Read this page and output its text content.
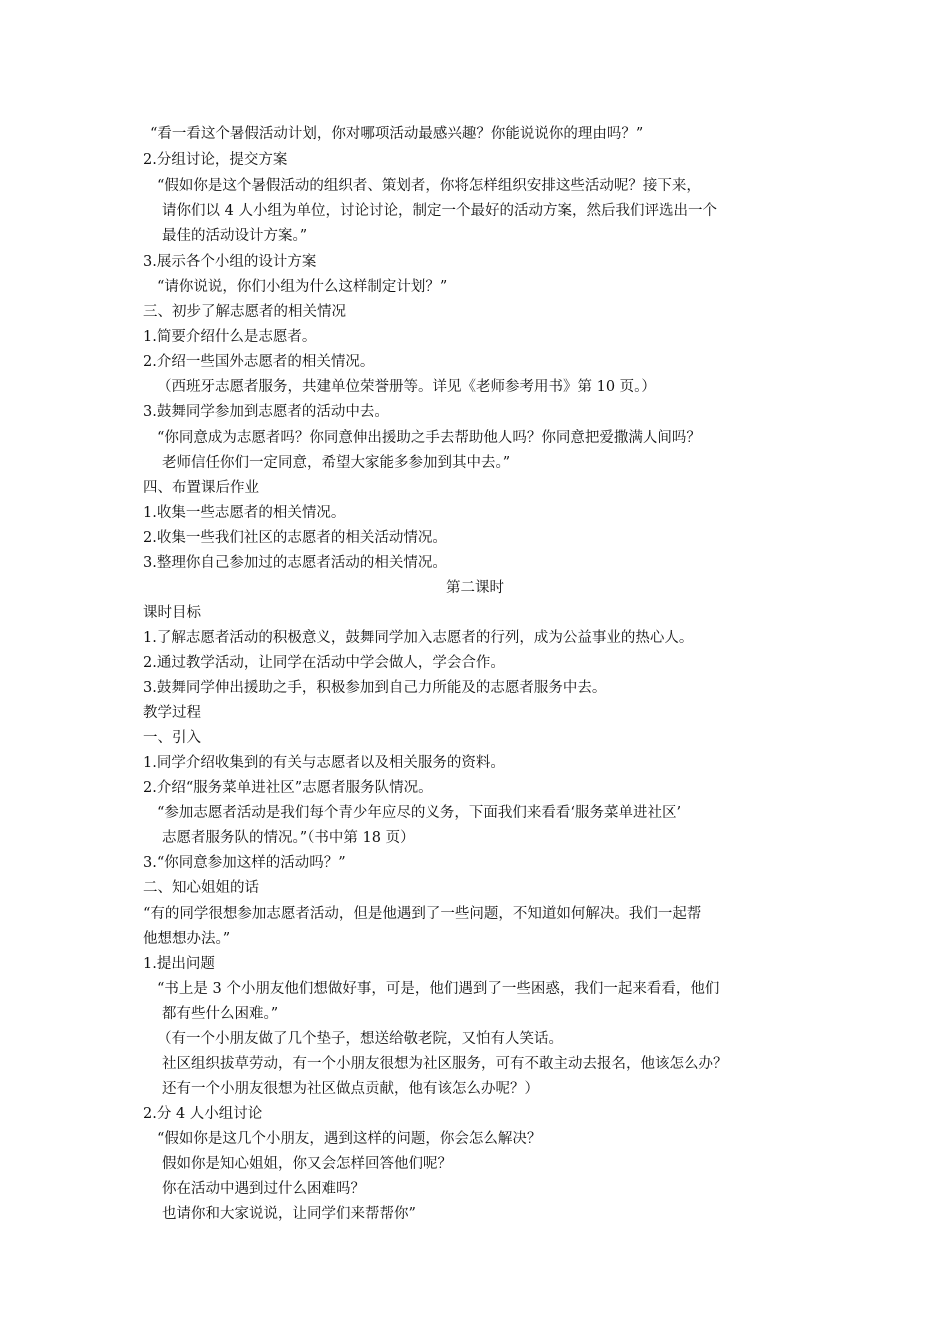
“看一看这个暑假活动计划，你对哪项活动最感兴趣？你能说说你的理由吗？”
2.分组讨论，提交方案
“假如你是这个暑假活动的组织者、策划者，你将怎样组织安排这些活动呢？接下来，
请你们以 4 人小组为单位，讨论讨论，制定一个最好的活动方案，然后我们评选出一个
最佳的活动设计方案。”
3.展示各个小组的设计方案
“请你说说，你们小组为什么这样制定计划？”
三、初步了解志愿者的相关情况
1.简要介绍什么是志愿者。
2.介绍一些国外志愿者的相关情况。
（西班牙志愿者服务，共建单位荣誉册等。详见《老师参考用书》第 10 页。）
3.鼓舞同学参加到志愿者的活动中去。
“你同意成为志愿者吗？你同意伸出援助之手去帮助他人吗？你同意把爱撒满人间吗？
老师信任你们一定同意，希望大家能多参加到其中去。”
四、布置课后作业
1.收集一些志愿者的相关情况。
2.收集一些我们社区的志愿者的相关活动情况。
3.整理你自己参加过的志愿者活动的相关情况。
第二课时
课时目标
1.了解志愿者活动的积极意义，鼓舞同学加入志愿者的行列，成为公益事业的热心人。
2.通过教学活动，让同学在活动中学会做人，学会合作。
3.鼓舞同学伸出援助之手，积极参加到自己力所能及的志愿者服务中去。
教学过程
一、引入
1.同学介绍收集到的有关与志愿者以及相关服务的资料。
2.介绍“服务菜单进社区”志愿者服务队情况。
“参加志愿者活动是我们每个青少年应尽的义务，下面我们来看看‘服务菜单进社区’
志愿者服务队的情况。”（书中第 18 页）
3.“你同意参加这样的活动吗？”
二、知心姐姐的话
“有的同学很想参加志愿者活动，但是他遇到了一些问题，不知道如何解决。我们一起帮
他想想办法。”
1.提出问题
“书上是 3 个小朋友他们想做好事，可是，他们遇到了一些困惑，我们一起来看看，他们
都有些什么困难。”
（有一个小朋友做了几个垫子，想送给敬老院，又怕有人笑话。
社区组织拔草劳动，有一个小朋友很想为社区服务，可有不敢主动去报名，他该怎么办？
还有一个小朋友很想为社区做点贡献，他有该怎么办呢？）
2.分 4 人小组讨论
“假如你是这几个小朋友，遇到这样的问题，你会怎么解决？
假如你是知心姐姐，你又会怎样回答他们呢？
你在活动中遇到过什么困难吗？
也请你和大家说说，让同学们来帮帮你”
